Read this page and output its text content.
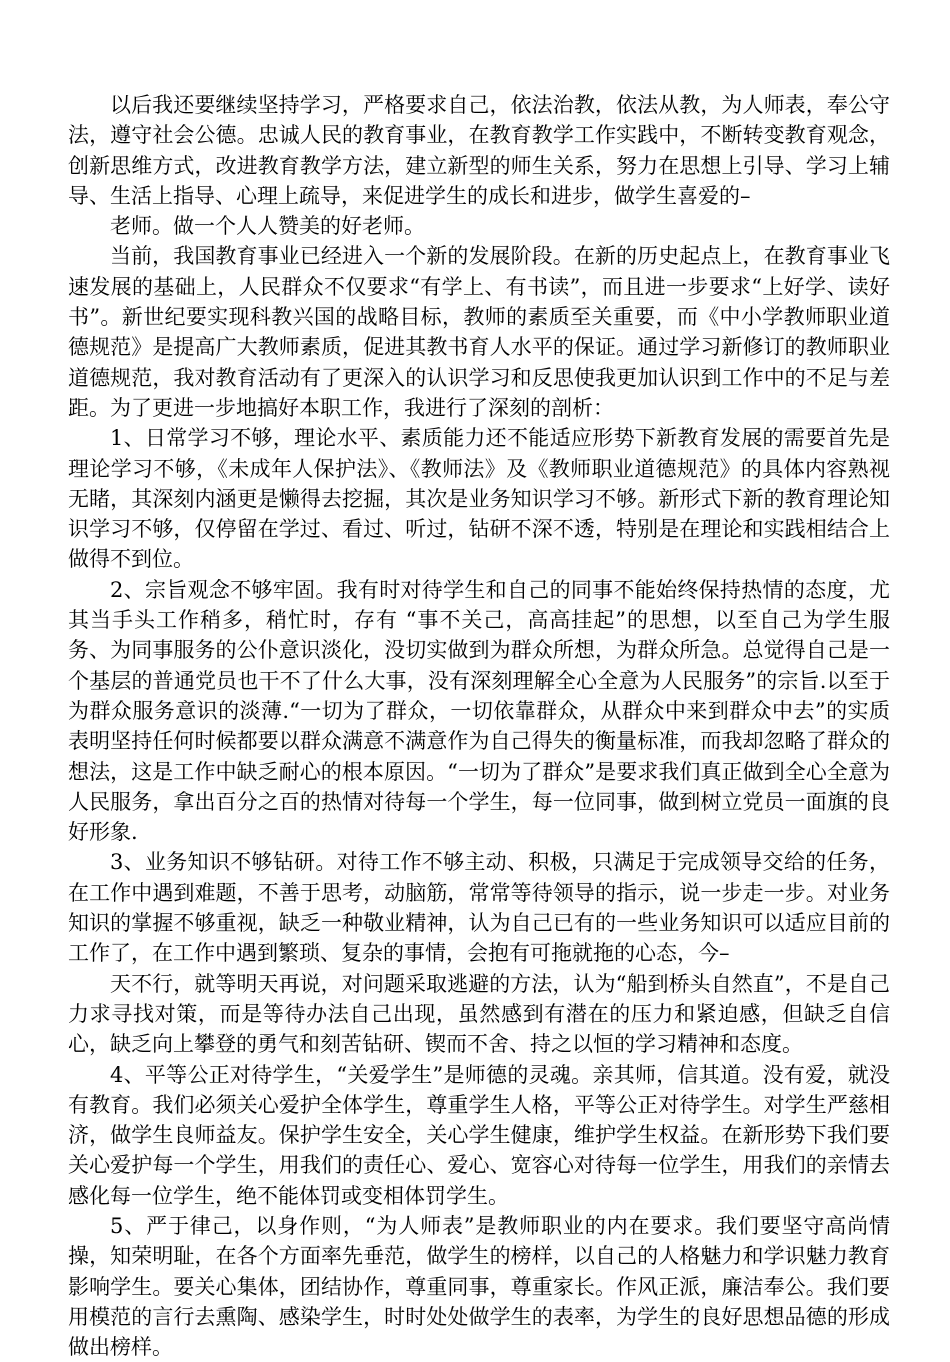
以后我还要继续坚持学习，严格要求自己，依法治教，依法从教，为人师表，奉公守法，遵守社会公德。忠诚人民的教育事业，在教育教学工作实践中，不断转变教育观念，创新思维方式，改进教育教学方法，建立新型的师生关系，努力在思想上引导、学习上辅导、生活上指导、心理上疏导，来促进学生的成长和进步，做学生喜爱的–

老师。做一个人人赞美的好老师。

当前，我国教育事业已经进入一个新的发展阶段。在新的历史起点上，在教育事业飞速发展的基础上，人民群众不仅要求“有学上、有书读”，而且进一步要求“上好学、读好书”。新世纪要实现科教兴国的战略目标，教师的素质至关重要，而《中小学教师职业道德规范》是提高广大教师素质，促进其教书育人水平的保证。通过学习新修订的教师职业道德规范，我对教育活动有了更深入的认识学习和反思使我更加认识到工作中的不足与差距。为了更进一步地搞好本职工作，我进行了深刻的剖析：

1、日常学习不够，理论水平、素质能力还不能适应形势下新教育发展的需要首先是理论学习不够，《未成年人保护法》、《教师法》及《教师职业道德规范》的具体内容熟视无睹，其深刻内涵更是懒得去挖掘，其次是业务知识学习不够。新形式下新的教育理论知识学习不够，仅停留在学过、看过、听过，钻研不深不透，特别是在理论和实践相结合上做得不到位。

2、宗旨观念不够牢固。我有时对待学生和自己的同事不能始终保持热情的态度，尤其当手头工作稍多，稍忙时，存有 “事不关己，高高挂起”的思想，以至自己为学生服务、为同事服务的公仆意识淡化，没切实做到为群众所想，为群众所急。总觉得自己是一个基层的普通党员也干不了什么大事，没有深刻理解全心全意为人民服务”的宗旨.以至于为群众服务意识的淡薄.“一切为了群众，一切依靠群众，从群众中来到群众中去”的实质表明坚持任何时候都要以群众满意不满意作为自己得失的衡量标准，而我却忽略了群众的想法，这是工作中缺乏耐心的根本原因。“一切为了群众”是要求我们真正做到全心全意为人民服务，拿出百分之百的热情对待每一个学生，每一位同事，做到树立党员一面旗的良好形象.

3、业务知识不够钻研。对待工作不够主动、积极，只满足于完成领导交给的任务，在工作中遇到难题，不善于思考，动脑筋，常常等待领导的指示，说一步走一步。对业务知识的掌握不够重视，缺乏一种敬业精神，认为自己已有的一些业务知识可以适应目前的工作了，在工作中遇到繁琐、复杂的事情，会抱有可拖就拖的心态，今–

天不行，就等明天再说，对问题采取逃避的方法，认为“船到桥头自然直”，不是自己力求寻找对策，而是等待办法自己出现，虽然感到有潜在的压力和紧迫感，但缺乏自信心，缺乏向上攀登的勇气和刻苦钻研、锲而不舍、持之以恒的学习精神和态度。

4、平等公正对待学生，“关爱学生”是师德的灵魂。亲其师，信其道。没有爱，就没有教育。我们必须关心爱护全体学生，尊重学生人格，平等公正对待学生。对学生严慈相济，做学生良师益友。保护学生安全，关心学生健康，维护学生权益。在新形势下我们要关心爱护每一个学生，用我们的责任心、爱心、宽容心对待每一位学生，用我们的亲情去感化每一位学生，绝不能体罚或变相体罚学生。

5、严于律己，以身作则，“为人师表”是教师职业的内在要求。我们要坚守高尚情操，知荣明耻，在各个方面率先垂范，做学生的榜样，以自己的人格魅力和学识魅力教育影响学生。要关心集体，团结协作，尊重同事，尊重家长。作风正派，廉洁奉公。我们要用模范的言行去熏陶、感染学生，时时处处做学生的表率，为学生的良好思想品德的形成做出榜样。
